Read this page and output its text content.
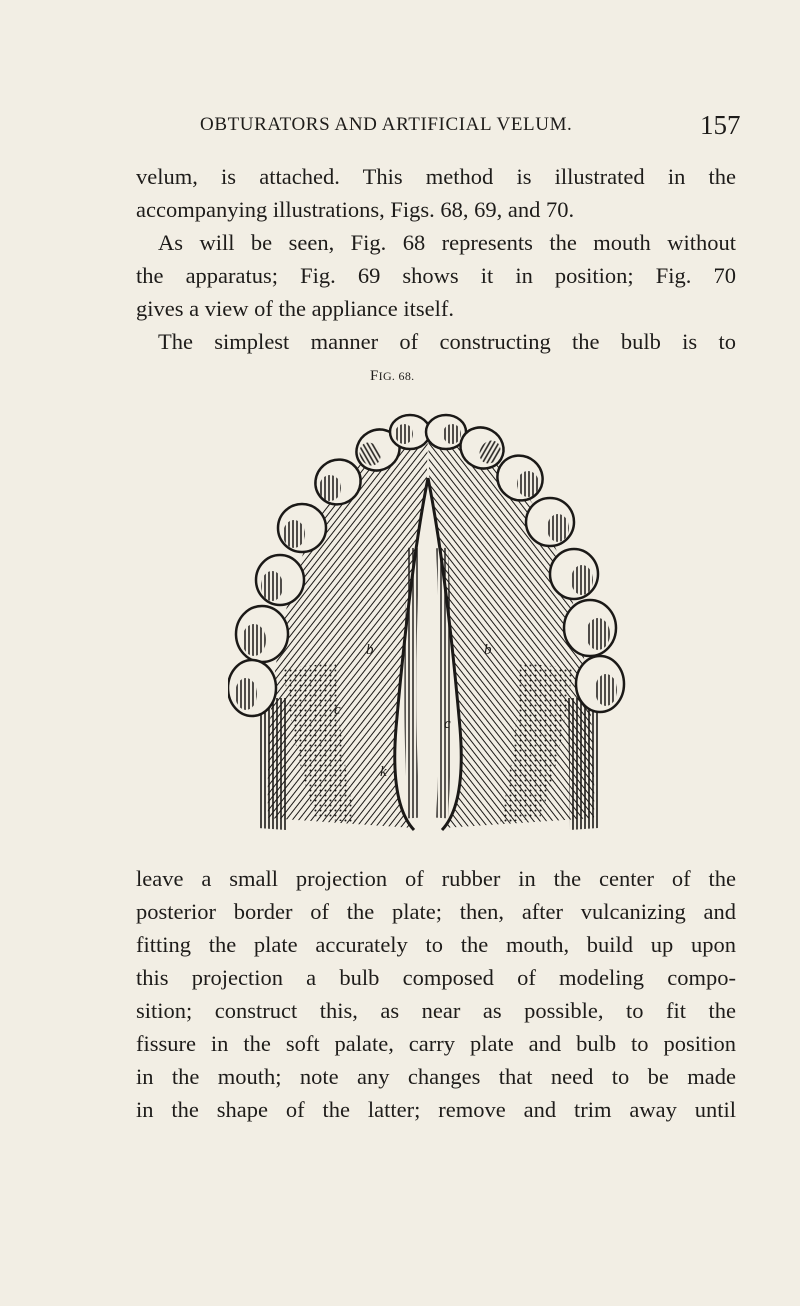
OBTURATORS AND ARTIFICIAL VELUM.	157
velum, is attached. This method is illustrated in the
accompanying illustrations, Figs. 68, 69, and 70.
As will be seen, Fig. 68 represents the mouth without
the apparatus; Fig. 69 shows it in position; Fig. 70
gives a view of the appliance itself.
The simplest manner of constructing the bulb is to
FIG. 68.
b	b
c
c
k
leave a small projection of rubber in the center of the
posterior border of the plate; then, after vulcanizing and
fitting the plate accurately to the mouth, build up upon
this projection a bulb composed of modeling compo-
sition; construct this, as near as possible, to fit the
fissure in the soft palate, carry plate and bulb to position
in the mouth; note any changes that need to be made
in the shape of the latter; remove and trim away until
